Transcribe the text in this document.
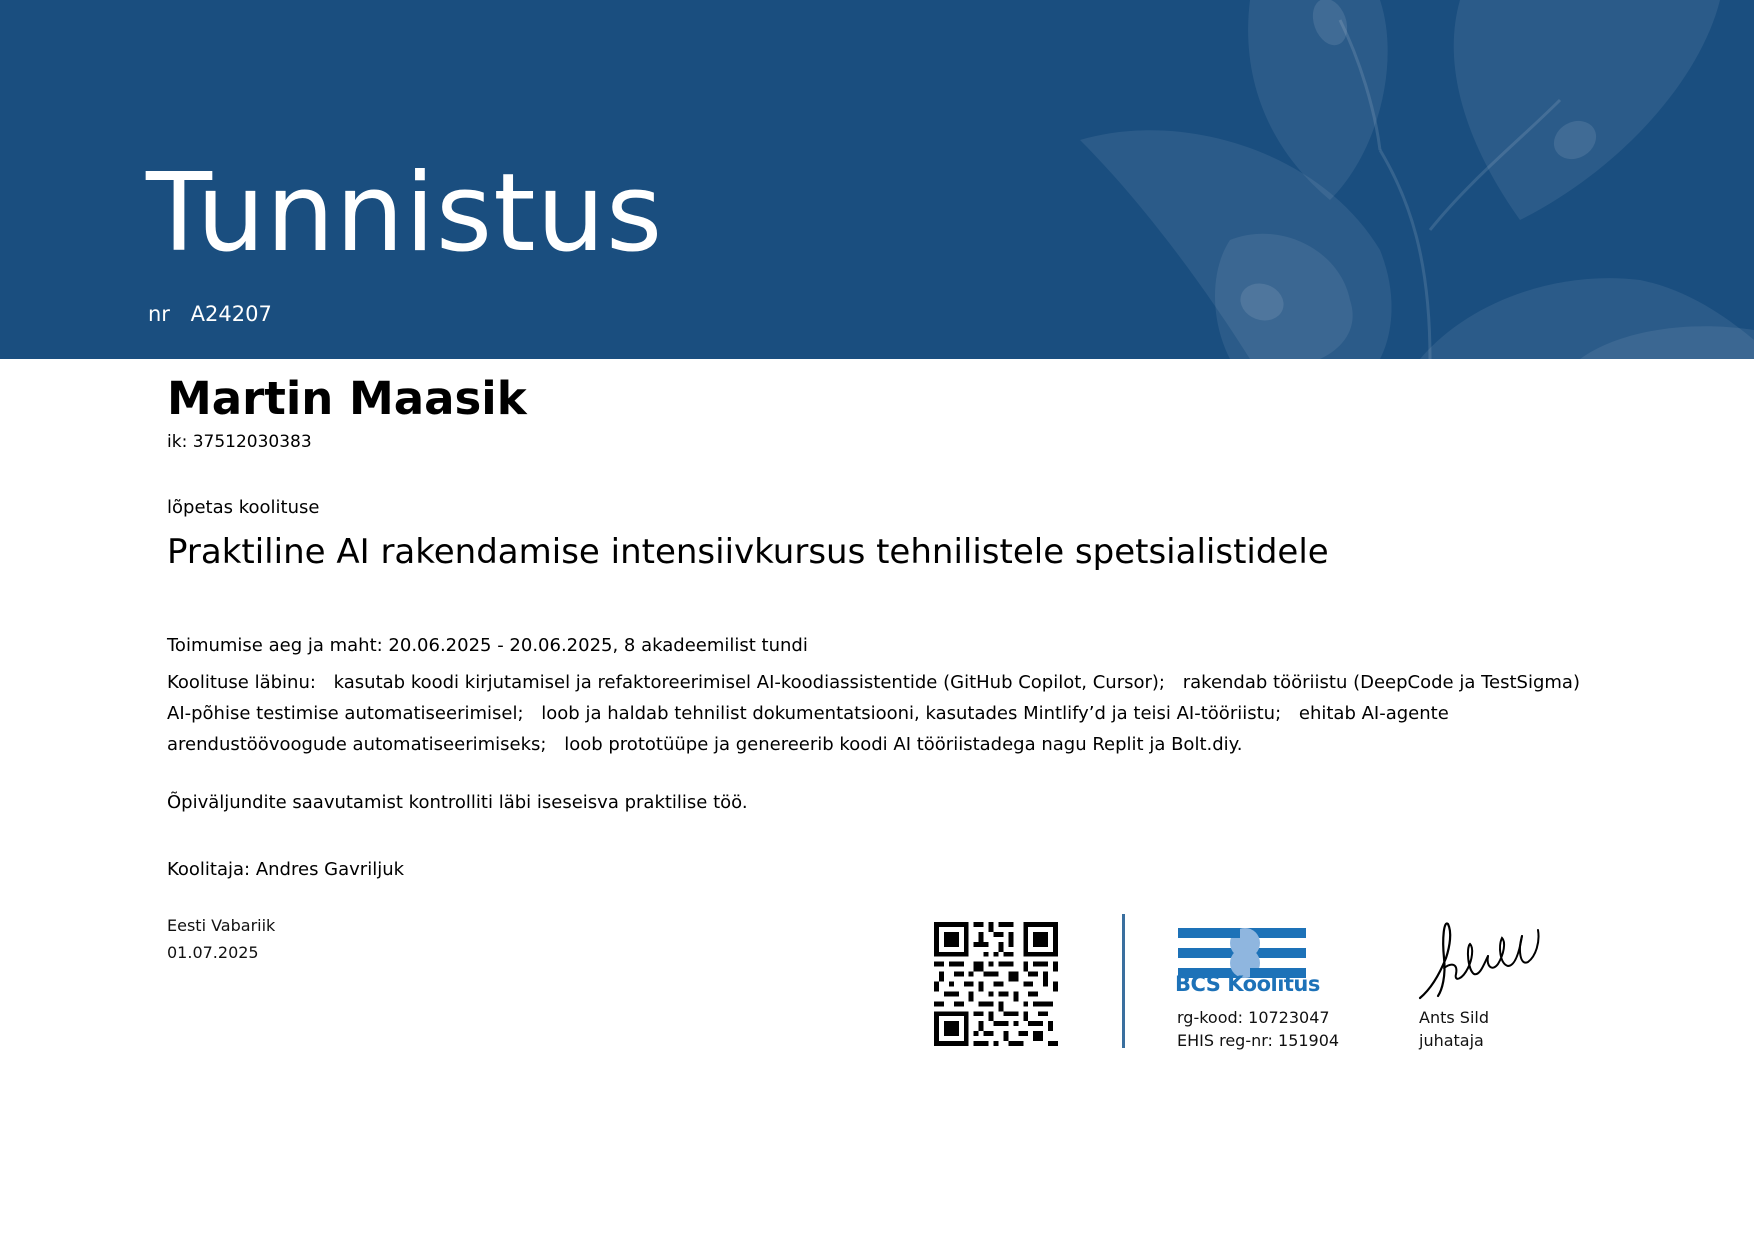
Tunnistus
nr A24207
Martin Maasik
ik: 37512030383
lõpetas koolituse
Praktiline AI rakendamise intensiivkursus tehnilistele spetsialistidele
Toimumise aeg ja maht: 20.06.2025 - 20.06.2025, 8 akadeemilist tundi
Koolituse läbinu: kasutab koodi kirjutamisel ja refaktoreerimisel AI-koodiassistentide (GitHub Copilot, Cursor); rakendab tööriistu (DeepCode ja TestSigma) AI-põhise testimise automatiseerimisel; loob ja haldab tehnilist dokumentatsiooni, kasutades Mintlify’d ja teisi AI-tööriistu; ehitab AI-agente arendustöövoogude automatiseerimiseks; loob prototüüpe ja genereerib koodi AI tööriistadega nagu Replit ja Bolt.diy.
Õpiväljundite saavutamist kontrolliti läbi iseseisva praktilise töö.
Koolitaja: Andres Gavriljuk
Eesti Vabariik
01.07.2025
BCS Koolitus
rg-kood: 10723047
EHIS reg-nr: 151904
Ants Sild
juhataja
